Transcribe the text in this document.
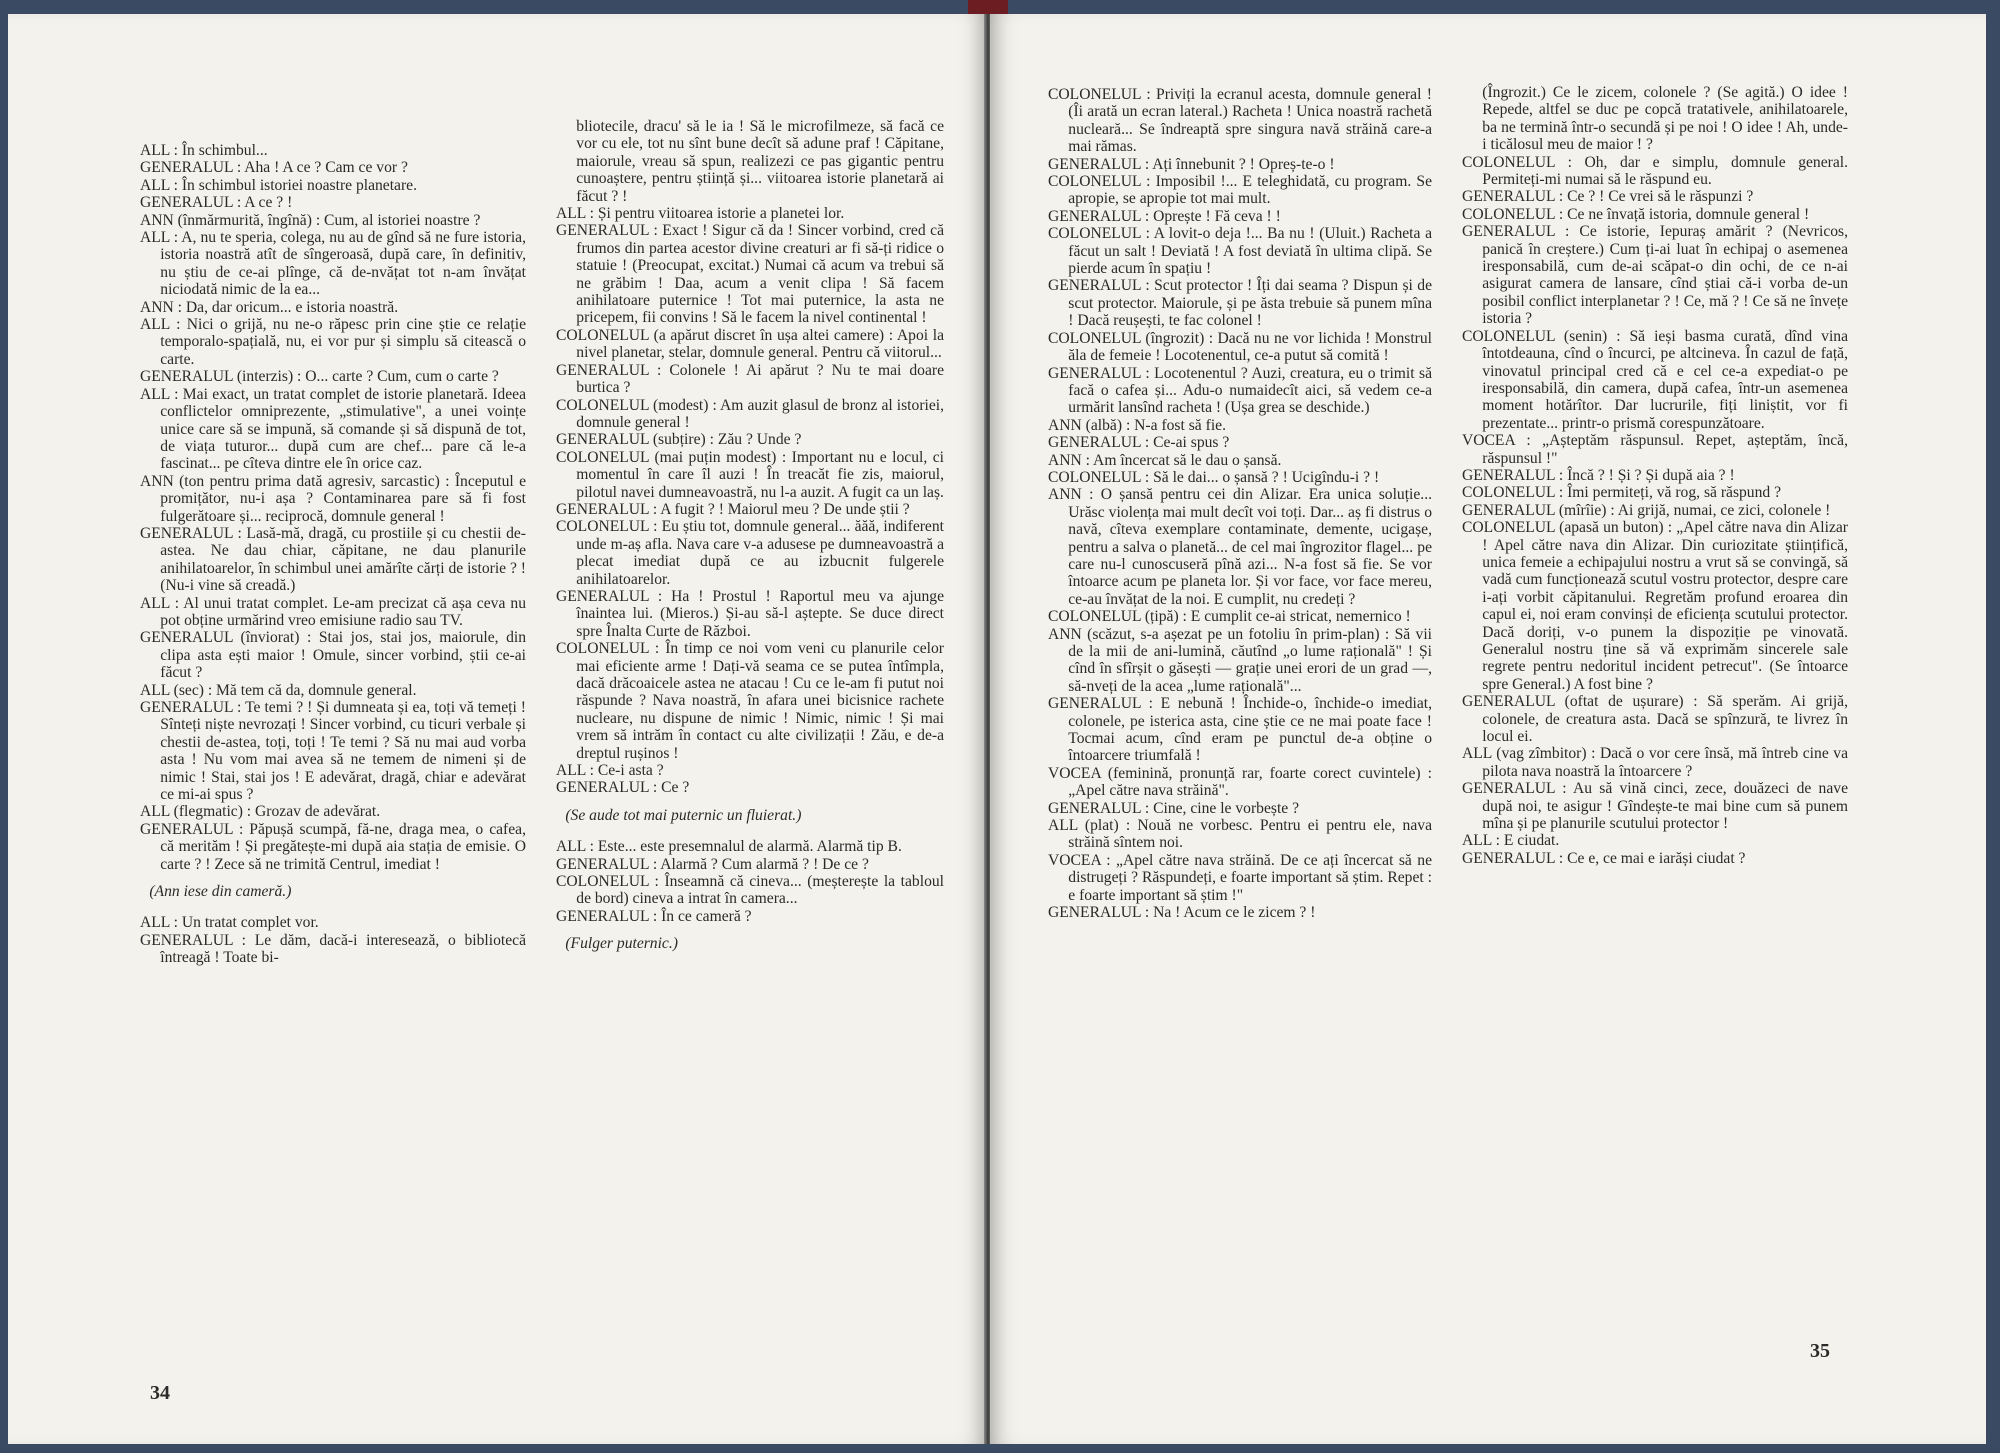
ALL : În schimbul...

GENERALUL : Aha ! A ce ? Cam ce vor ?

ALL : În schimbul istoriei noastre planetare.

GENERALUL : A ce ? !

ANN (înmărmurită, îngînă) : Cum, al istoriei noastre ?

ALL : A, nu te speria, colega, nu au de gînd să ne fure istoria, istoria noastră atît de sîngeroasă, după care, în definitiv, nu știu de ce-ai plînge, că de-nvățat tot n-am învățat niciodată nimic de la ea...

ANN : Da, dar oricum... e istoria noastră.

ALL : Nici o grijă, nu ne-o răpesc prin cine știe ce relație temporalo-spațială, nu, ei vor pur și simplu să citească o carte.

GENERALUL (interzis) : O... carte ? Cum, cum o carte ?

ALL : Mai exact, un tratat complet de istorie planetară. Ideea conflictelor omniprezente, „stimulative", a unei voințe unice care să se impună, să comande și să dispună de tot, de viața tuturor... după cum are chef... pare că le-a fascinat... pe cîteva dintre ele în orice caz.

ANN (ton pentru prima dată agresiv, sarcastic) : Începutul e promițător, nu-i așa ? Contaminarea pare să fi fost fulgerătoare și... reciprocă, domnule general !

GENERALUL : Lasă-mă, dragă, cu prostiile și cu chestii de-astea. Ne dau chiar, căpitane, ne dau planurile anihilatoarelor, în schimbul unei amărîte cărți de istorie ? ! (Nu-i vine să creadă.)

ALL : Al unui tratat complet. Le-am precizat că așa ceva nu pot obține urmărind vreo emisiune radio sau TV.

GENERALUL (înviorat) : Stai jos, stai jos, maiorule, din clipa asta ești maior ! Omule, sincer vorbind, știi ce-ai făcut ?

ALL (sec) : Mă tem că da, domnule general.

GENERALUL : Te temi ? ! Și dumneata și ea, toți vă temeți ! Sînteți niște nevrozați ! Sincer vorbind, cu ticuri verbale și chestii de-astea, toți, toți ! Te temi ? Să nu mai aud vorba asta ! Nu vom mai avea să ne temem de nimeni și de nimic ! Stai, stai jos ! E adevărat, dragă, chiar e adevărat ce mi-ai spus ?

ALL (flegmatic) : Grozav de adevărat.

GENERALUL : Păpușă scumpă, fă-ne, draga mea, o cafea, că merităm ! Și pregătește-mi după aia stația de emisie. O carte ? ! Zece să ne trimită Centrul, imediat !

(Ann iese din cameră.)

ALL : Un tratat complet vor.

GENERALUL : Le dăm, dacă-i interesează, o bibliotecă întreagă ! Toate bi-

bliotecile, dracu' să le ia ! Să le microfilmeze, să facă ce vor cu ele, tot nu sînt bune decît să adune praf ! Căpitane, maiorule, vreau să spun, realizezi ce pas gigantic pentru cunoaștere, pentru știință și... viitoarea istorie planetară ai făcut ? !

ALL : Și pentru viitoarea istorie a planetei lor.

GENERALUL : Exact ! Sigur că da ! Sincer vorbind, cred că frumos din partea acestor divine creaturi ar fi să-ți ridice o statuie ! (Preocupat, excitat.) Numai că acum va trebui să ne grăbim ! Daa, acum a venit clipa ! Să facem anihilatoare puternice ! Tot mai puternice, la asta ne pricepem, fii convins ! Să le facem la nivel continental !

COLONELUL (a apărut discret în ușa altei camere) : Apoi la nivel planetar, stelar, domnule general. Pentru că viitorul...

GENERALUL : Colonele ! Ai apărut ? Nu te mai doare burtica ?

COLONELUL (modest) : Am auzit glasul de bronz al istoriei, domnule general !

GENERALUL (subțire) : Zău ? Unde ?

COLONELUL (mai puțin modest) : Important nu e locul, ci momentul în care îl auzi ! În treacăt fie zis, maiorul, pilotul navei dumneavoastră, nu l-a auzit. A fugit ca un laș.

GENERALUL : A fugit ? ! Maiorul meu ? De unde știi ?

COLONELUL : Eu știu tot, domnule general... ăăă, indiferent unde m-aș afla. Nava care v-a adusese pe dumneavoastră a plecat imediat după ce au izbucnit fulgerele anihilatoarelor.

GENERALUL : Ha ! Prostul ! Raportul meu va ajunge înaintea lui. (Mieros.) Și-au să-l aștepte. Se duce direct spre Înalta Curte de Război.

COLONELUL : În timp ce noi vom veni cu planurile celor mai eficiente arme ! Dați-vă seama ce se putea întîmpla, dacă drăcoaicele astea ne atacau ! Cu ce le-am fi putut noi răspunde ? Nava noastră, în afara unei bicisnice rachete nucleare, nu dispune de nimic ! Nimic, nimic ! Și mai vrem să intrăm în contact cu alte civilizații ! Zău, e de-a dreptul rușinos !

ALL : Ce-i asta ?

GENERALUL : Ce ?

(Se aude tot mai puternic un fluierat.)

ALL : Este... este presemnalul de alarmă. Alarmă tip B.

GENERALUL : Alarmă ? Cum alarmă ? ! De ce ?

COLONELUL : Înseamnă că cineva... (meșterește la tabloul de bord) cineva a intrat în camera...

GENERALUL : În ce cameră ?

(Fulger puternic.)

34

COLONELUL : Priviți la ecranul acesta, domnule general ! (Îi arată un ecran lateral.) Racheta ! Unica noastră rachetă nucleară... Se îndreaptă spre singura navă străină care-a mai rămas.

GENERALUL : Ați înnebunit ? ! Opreș-te-o !

COLONELUL : Imposibil !... E teleghidată, cu program. Se apropie, se apropie tot mai mult.

GENERALUL : Oprește ! Fă ceva ! !

COLONELUL : A lovit-o deja !... Ba nu ! (Uluit.) Racheta a făcut un salt ! Deviată ! A fost deviată în ultima clipă. Se pierde acum în spațiu !

GENERALUL : Scut protector ! Îți dai seama ? Dispun și de scut protector. Maiorule, și pe ăsta trebuie să punem mîna ! Dacă reușești, te fac colonel !

COLONELUL (îngrozit) : Dacă nu ne vor lichida ! Monstrul ăla de femeie ! Locotenentul, ce-a putut să comită !

GENERALUL : Locotenentul ? Auzi, creatura, eu o trimit să facă o cafea și... Adu-o numaidecît aici, să vedem ce-a urmărit lansînd racheta ! (Ușa grea se deschide.)

ANN (albă) : N-a fost să fie.

GENERALUL : Ce-ai spus ?

ANN : Am încercat să le dau o șansă.

COLONELUL : Să le dai... o șansă ? ! Ucigîndu-i ? !

ANN : O șansă pentru cei din Alizar. Era unica soluție... Urăsc violența mai mult decît voi toți. Dar... aș fi distrus o navă, cîteva exemplare contaminate, demente, ucigașe, pentru a salva o planetă... de cel mai îngrozitor flagel... pe care nu-l cunoscuseră pînă azi... N-a fost să fie. Se vor întoarce acum pe planeta lor. Și vor face, vor face mereu, ce-au învățat de la noi. E cumplit, nu credeți ?

COLONELUL (țipă) : E cumplit ce-ai stricat, nemernico !

ANN (scăzut, s-a așezat pe un fotoliu în prim-plan) : Să vii de la mii de ani-lumină, căutînd „o lume rațională" ! Și cînd în sfîrșit o găsești — grație unei erori de un grad —, să-nveți de la acea „lume rațională"...

GENERALUL : E nebună ! Închide-o, închide-o imediat, colonele, pe isterica asta, cine știe ce ne mai poate face ! Tocmai acum, cînd eram pe punctul de-a obține o întoarcere triumfală !

VOCEA (feminină, pronunță rar, foarte corect cuvintele) : „Apel către nava străină".

GENERALUL : Cine, cine le vorbește ?

ALL (plat) : Nouă ne vorbesc. Pentru ei pentru ele, nava străină sîntem noi.

VOCEA : „Apel către nava străină. De ce ați încercat să ne distrugeți ? Răspundeți, e foarte important să știm. Repet : e foarte important să știm !"

GENERALUL : Na ! Acum ce le zicem ? !

(Îngrozit.) Ce le zicem, colonele ? (Se agită.) O idee ! Repede, altfel se duc pe copcă tratativele, anihilatoarele, ba ne termină într-o secundă și pe noi ! O idee ! Ah, unde-i ticălosul meu de maior ! ?

COLONELUL : Oh, dar e simplu, domnule general. Permiteți-mi numai să le răspund eu.

GENERALUL : Ce ? ! Ce vrei să le răspunzi ?

COLONELUL : Ce ne învață istoria, domnule general !

GENERALUL : Ce istorie, Iepuraș amărit ? (Nevricos, panică în creștere.) Cum ți-ai luat în echipaj o asemenea iresponsabilă, cum de-ai scăpat-o din ochi, de ce n-ai asigurat camera de lansare, cînd știai că-i vorba de-un posibil conflict interplanetar ? ! Ce, mă ? ! Ce să ne învețe istoria ?

COLONELUL (senin) : Să ieși basma curată, dînd vina întotdeauna, cînd o încurci, pe altcineva. În cazul de față, vinovatul principal cred că e cel ce-a expediat-o pe iresponsabilă, din camera, după cafea, într-un asemenea moment hotărîtor. Dar lucrurile, fiți liniștit, vor fi prezentate... printr-o prismă corespunzătoare.

VOCEA : „Așteptăm răspunsul. Repet, așteptăm, încă, răspunsul !"

GENERALUL : Încă ? ! Și ? Și după aia ? !

COLONELUL : Îmi permiteți, vă rog, să răspund ?

GENERALUL (mîrîie) : Ai grijă, numai, ce zici, colonele !

COLONELUL (apasă un buton) : „Apel către nava din Alizar ! Apel către nava din Alizar. Din curiozitate științifică, unica femeie a echipajului nostru a vrut să se convingă, să vadă cum funcționează scutul vostru protector, despre care i-ați vorbit căpitanului. Regretăm profund eroarea din capul ei, noi eram convinși de eficiența scutului protector. Dacă doriți, v-o punem la dispoziție pe vinovată. Generalul nostru ține să vă exprimăm sincerele sale regrete pentru nedoritul incident petrecut". (Se întoarce spre General.) A fost bine ?

GENERALUL (oftat de ușurare) : Să sperăm. Ai grijă, colonele, de creatura asta. Dacă se spînzură, te livrez în locul ei.

ALL (vag zîmbitor) : Dacă o vor cere însă, mă întreb cine va pilota nava noastră la întoarcere ?

GENERALUL : Au să vină cinci, zece, douăzeci de nave după noi, te asigur ! Gîndește-te mai bine cum să punem mîna și pe planurile scutului protector !

ALL : E ciudat.

GENERALUL : Ce e, ce mai e iarăși ciudat ?

35
